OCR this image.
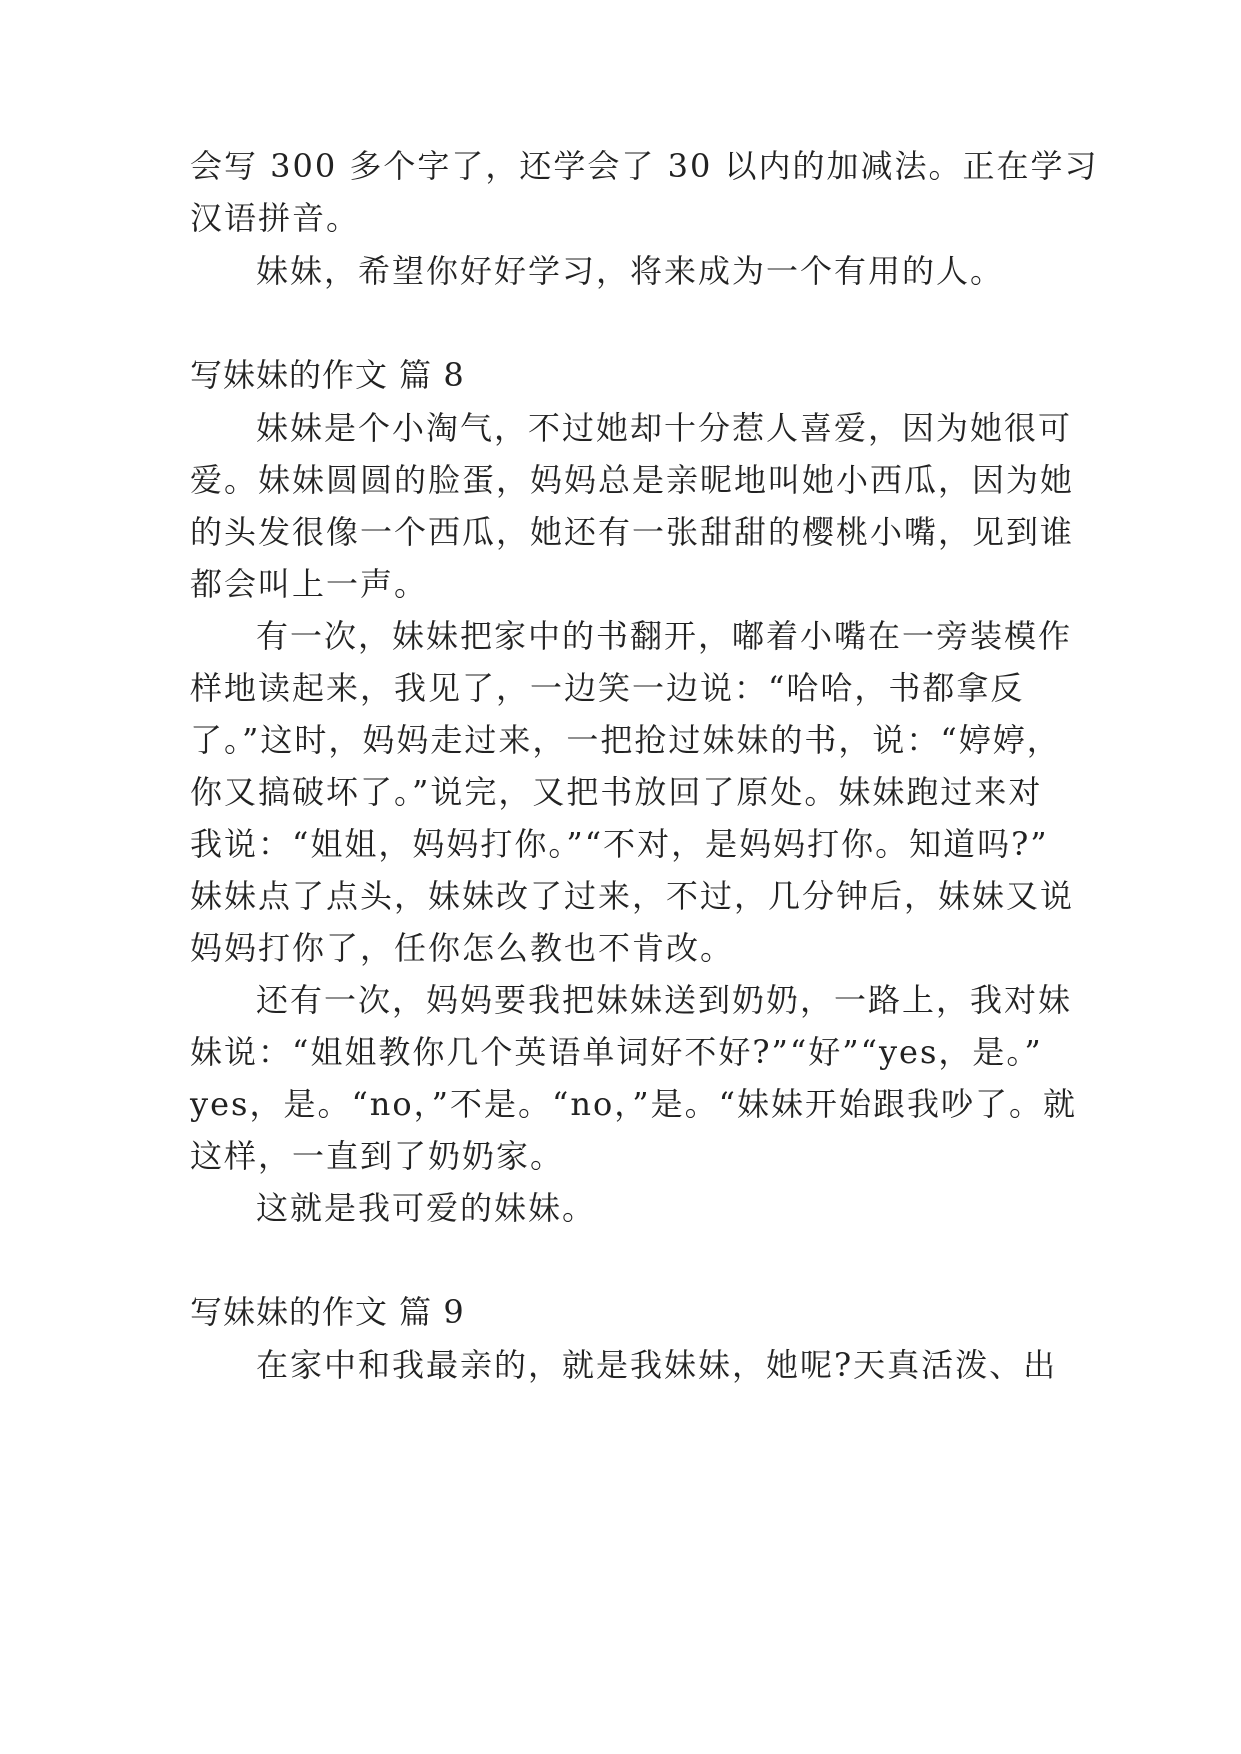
会写 300 多个字了，还学会了 30 以内的加减法。正在学习
汉语拼音。
妹妹，希望你好好学习，将来成为一个有用的人。
写妹妹的作文 篇 8
妹妹是个小淘气，不过她却十分惹人喜爱，因为她很可
爱。妹妹圆圆的脸蛋，妈妈总是亲昵地叫她小西瓜，因为她
的头发很像一个西瓜，她还有一张甜甜的樱桃小嘴，见到谁
都会叫上一声。
有一次，妹妹把家中的书翻开，嘟着小嘴在一旁装模作
样地读起来，我见了，一边笑一边说：“哈哈，书都拿反
了。”这时，妈妈走过来，一把抢过妹妹的书，说：“婷婷，
你又搞破坏了。”说完，又把书放回了原处。妹妹跑过来对
我说：“姐姐，妈妈打你。”“不对，是妈妈打你。知道吗?”
妹妹点了点头，妹妹改了过来，不过，几分钟后，妹妹又说
妈妈打你了，任你怎么教也不肯改。
还有一次，妈妈要我把妹妹送到奶奶，一路上，我对妹
妹说：“姐姐教你几个英语单词好不好?”“好”“yes，是。”
yes，是。“no，”不是。“no，”是。“妹妹开始跟我吵了。就
这样，一直到了奶奶家。
这就是我可爱的妹妹。
写妹妹的作文 篇 9
在家中和我最亲的，就是我妹妹，她呢?天真活泼、出
